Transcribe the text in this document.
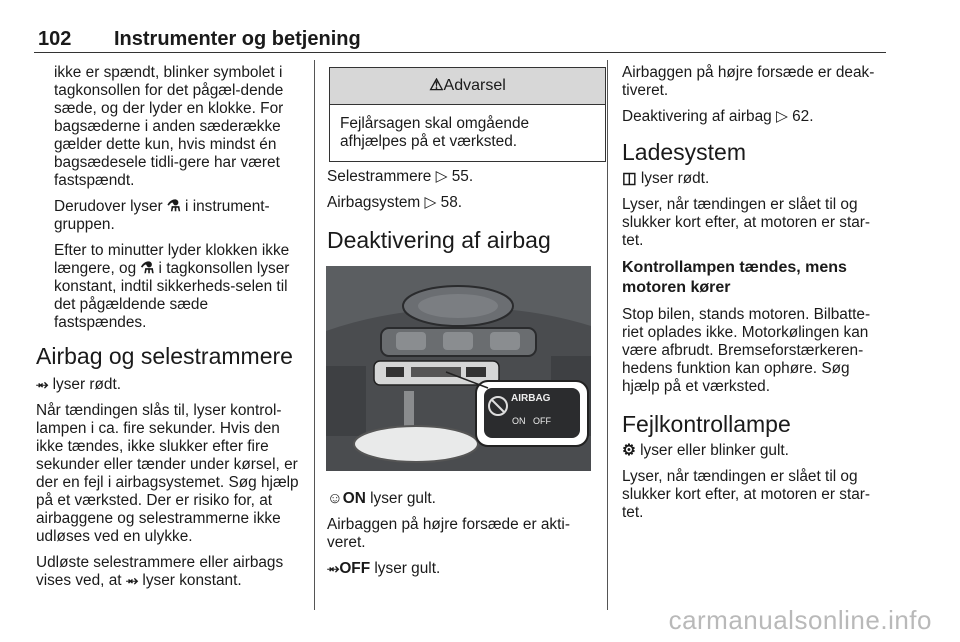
102 Instrumenter og betjening

ikke er spændt, blinker symbolet i tagkonsollen for det pågæl-dende sæde, og der lyder en klokke. For bagsæderne i anden sæderække gælder dette kun, hvis mindst én bagsædesele tidli-gere har været fastspændt.

Derudover lyser ⚗ i instrument-gruppen.

Efter to minutter lyder klokken ikke længere, og ⚗ i tagkonsollen lyser konstant, indtil sikkerheds-selen til det pågældende sæde fastspændes.

Airbag og selestrammere

⥇ lyser rødt.

Når tændingen slås til, lyser kontrol-lampen i ca. fire sekunder. Hvis den ikke tændes, ikke slukker efter fire sekunder eller tænder under kørsel, er der en fejl i airbagsystemet. Søg hjælp på et værksted. Der er risiko for, at airbaggene og selestrammerne ikke udløses ved en ulykke.

Udløste selestrammere eller airbags vises ved, at ⥇ lyser konstant.

⚠Advarsel
Fejlårsagen skal omgående afhjælpes på et værksted.

Selestrammere ▷ 55.

Airbagsystem ▷ 58.

Deaktivering af airbag
AIRBAG
ON OFF

☺ON lyser gult.

Airbaggen på højre forsæde er akti-veret.

⥇OFF lyser gult.

Airbaggen på højre forsæde er deak-tiveret.

Deaktivering af airbag ▷ 62.

Ladesystem

◫ lyser rødt.

Lyser, når tændingen er slået til og slukker kort efter, at motoren er star-tet.

Kontrollampen tændes, mens motoren kører

Stop bilen, stands motoren. Bilbatte-riet oplades ikke. Motorkølingen kan være afbrudt. Bremseforstærkeren-hedens funktion kan ophøre. Søg hjælp på et værksted.

Fejlkontrollampe

⚙ lyser eller blinker gult.

Lyser, når tændingen er slået til og slukker kort efter, at motoren er star-tet.

carmanualsonline.info
